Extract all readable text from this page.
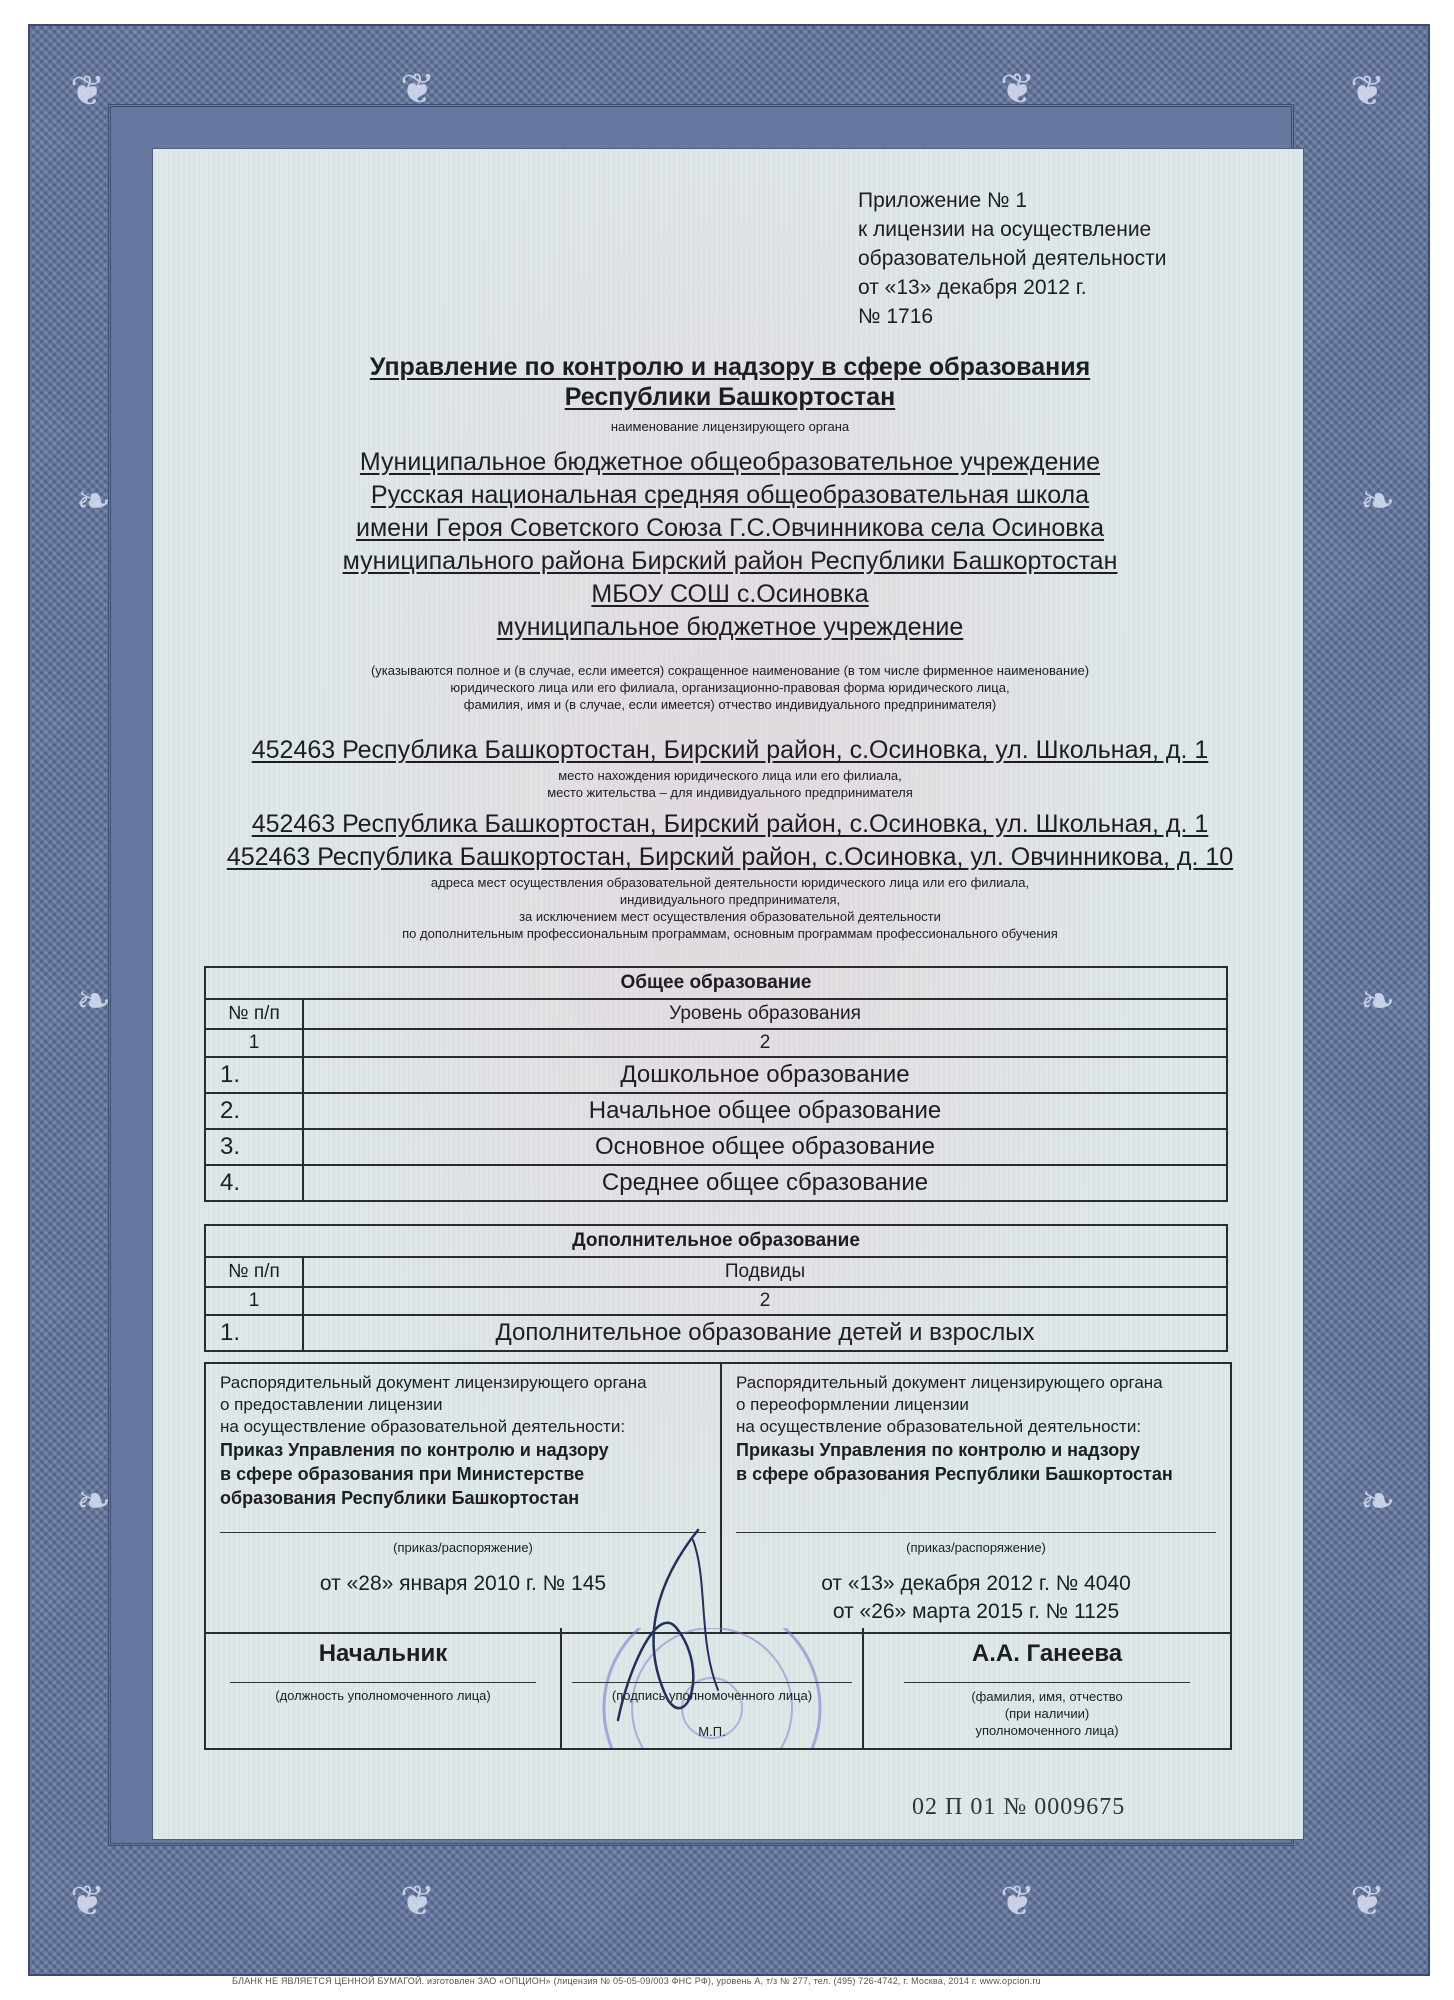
❦	❦
❦	❦
❧
❧
❧
❧
❧
❧
❦	❦
❦	❦
Приложение № 1
к лицензии на осуществление
образовательной деятельности
от «13» декабря 2012 г.
№ 1716
Управление по контролю и надзору в сфере образования
Республики Башкортостан
наименование лицензирующего органа
Муниципальное бюджетное общеобразовательное учреждение
Русская национальная средняя общеобразовательная школа
имени Героя Советского Союза Г.С.Овчинникова села Осиновка
муниципального района Бирский район Республики Башкортостан
МБОУ СОШ с.Осиновка
муниципальное бюджетное учреждение
(указываются полное и (в случае, если имеется) сокращенное наименование (в том числе фирменное наименование)
юридического лица или его филиала, организационно-правовая форма юридического лица,
фамилия, имя и (в случае, если имеется) отчество индивидуального предпринимателя)
452463 Республика Башкортостан, Бирский район, с.Осиновка, ул. Школьная, д. 1
место нахождения юридического лица или его филиала,
место жительства – для индивидуального предпринимателя
452463 Республика Башкортостан, Бирский район, с.Осиновка, ул. Школьная, д. 1
452463 Республика Башкортостан, Бирский район, с.Осиновка, ул. Овчинникова, д. 10
адреса мест осуществления образовательной деятельности юридического лица или его филиала,
индивидуального предпринимателя,
за исключением мест осуществления образовательной деятельности
по дополнительным профессиональным программам, основным программам профессионального обучения
Общее образование	
№ п/п	Уровень образования
1	2
1.	Дошкольное образование
2.	Начальное общее образование
3.	Основное общее образование
4.	Среднее общее сбразование
Дополнительное образование	
№ п/п	Подвиды
1	2
1.	Дополнительное образование детей и взрослых
Распорядительный документ лицензирующего органа
о предоставлении лицензии
на осуществление образовательной деятельности:
Приказ Управления по контролю и надзору
в сфере образования при Министерстве
образования Республики Башкортостан
(приказ/распоряжение)
от «28» января 2010 г. № 145
Распорядительный документ лицензирующего органа
о переоформлении лицензии
на осуществление образовательной деятельности:
Приказы Управления по контролю и надзору
в сфере образования Республики Башкортостан
(приказ/распоряжение)
от «13» декабря 2012 г. № 4040
от «26» марта 2015 г. № 1125
Начальник
(должность уполномоченного лица)	(подпись уполномоченного лица)
М.П.
А.А. Ганеева
(фамилия, имя, отчество
(при наличии)
уполномоченного лица)
02 П 01 № 0009675
БЛАНК НЕ ЯВЛЯЕТСЯ ЦЕННОЙ БУМАГОЙ. изготовлен ЗАО «ОПЦИОН» (лицензия № 05-05-09/003 ФНС РФ), уровень А, т/з № 277, тел. (495) 726-4742, г. Москва, 2014 г. www.opcion.ru
